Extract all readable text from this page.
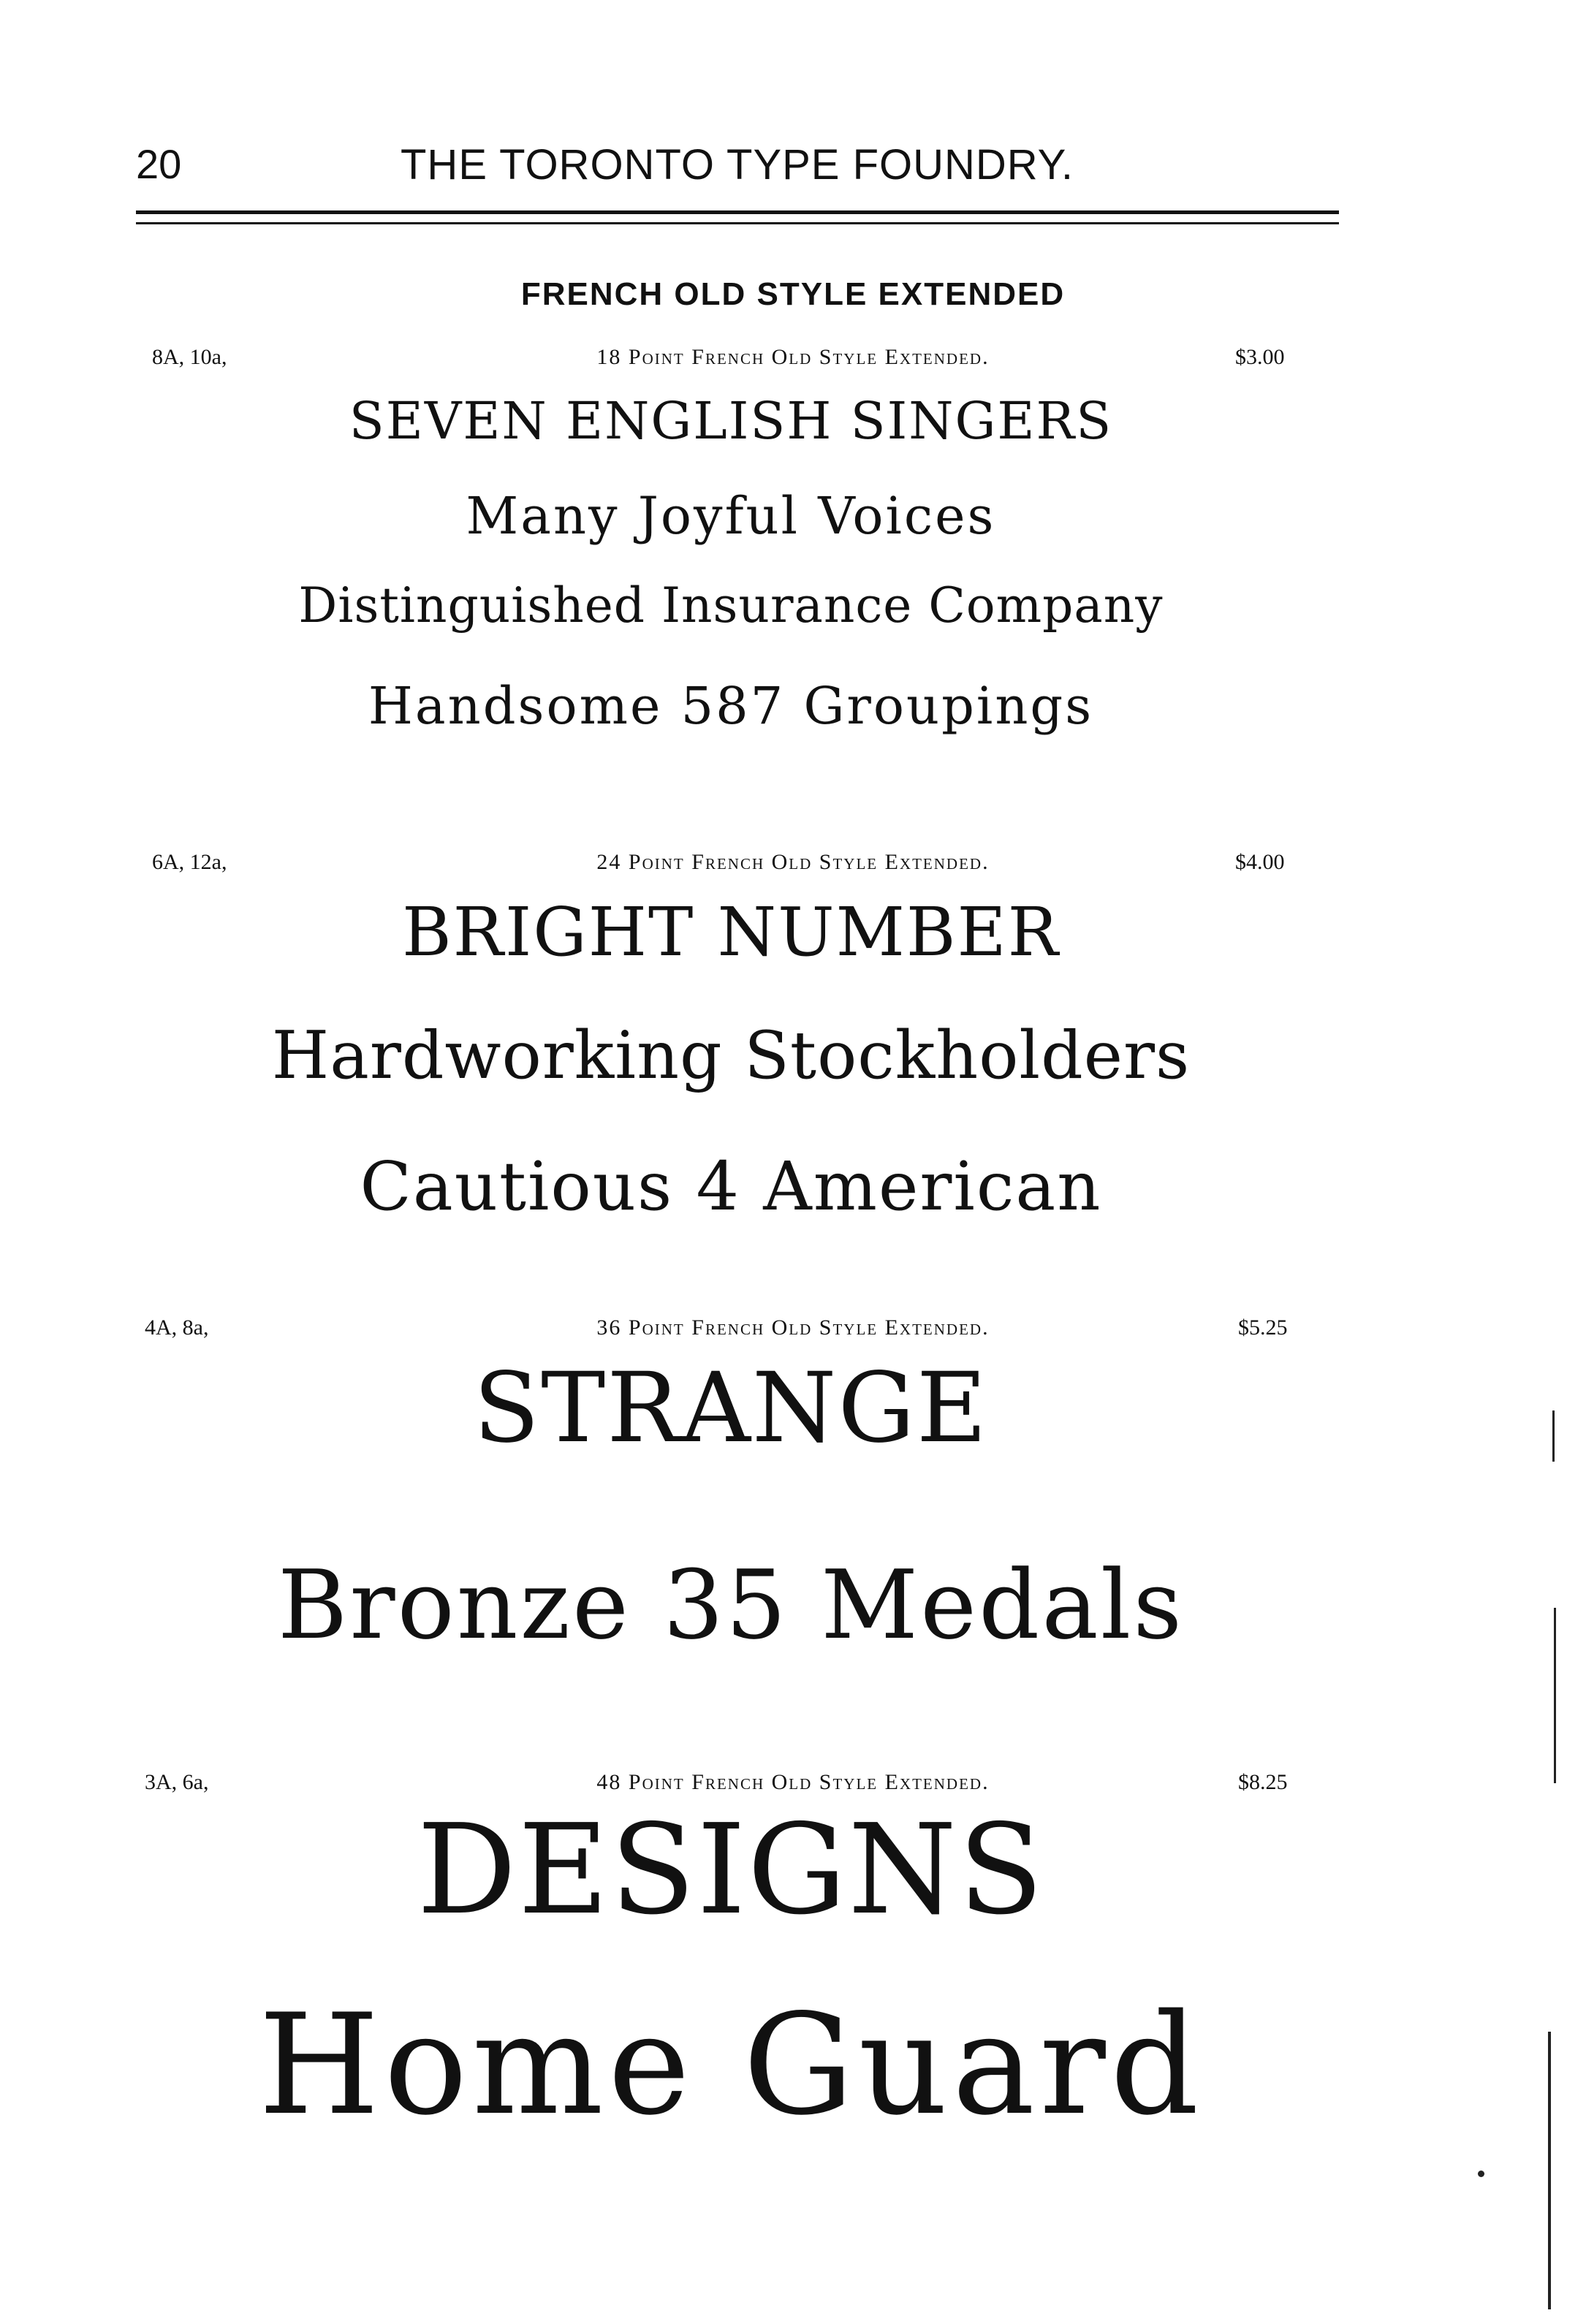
20	THE TORONTO TYPE FOUNDRY.
FRENCH OLD STYLE EXTENDED
8A, 10a,	18 Point French Old Style Extended.	$3.00
SEVEN ENGLISH SINGERS
Many Joyful Voices
Distinguished Insurance Company
Handsome 587 Groupings
6A, 12a,	24 Point French Old Style Extended.	$4.00
BRIGHT NUMBER
Hardworking Stockholders
Cautious 4 American
4A, 8a,	36 Point French Old Style Extended.	$5.25
STRANGE
Bronze 35 Medals
3A, 6a,	48 Point French Old Style Extended.	$8.25
DESIGNS
Home Guard
